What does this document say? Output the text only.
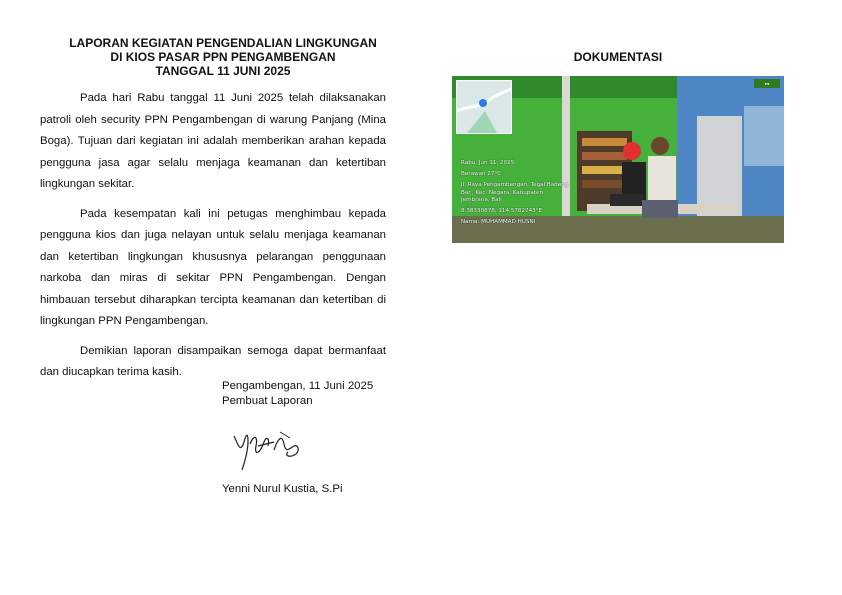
LAPORAN KEGIATAN PENGENDALIAN LINGKUNGAN
DI KIOS PASAR PPN PENGAMBENGAN
TANGGAL 11 JUNI 2025

Pada hari Rabu tanggal 11 Juni 2025 telah dilaksanakan patroli oleh security PPN Pengambengan di warung Panjang (Mina Boga). Tujuan dari kegiatan ini adalah memberikan arahan kepada pengguna jasa agar selalu menjaga keamanan dan ketertiban lingkungan sekitar.

Pada kesempatan kali ini petugas menghimbau kepada pengguna kios dan juga nelayan untuk selalu menjaga keamanan dan ketertiban lingkungan khususnya pelarangan penggunaan narkoba dan miras di sekitar PPN Pengambengan. Dengan himbauan tersebut diharapkan tercipta keamanan dan ketertiban di lingkungan PPN Pengambengan.

Demikian laporan disampaikan semoga dapat bermanfaat dan diucapkan terima kasih.

Pengambengan, 11 Juni 2025
Pembuat Laporan
Yenni Nurul Kustia, S.Pi
DOKUMENTASI
●●
Rabu, Jun 11, 2025
Berawan 27°C
Jl. Raya Pengambengan, Tegal Badeng Bar., Kec. Negara, Kabupaten Jembrana, Bali
8.38330878, 114.5782743°E
Nama: MUHAMMAD HUSNI
